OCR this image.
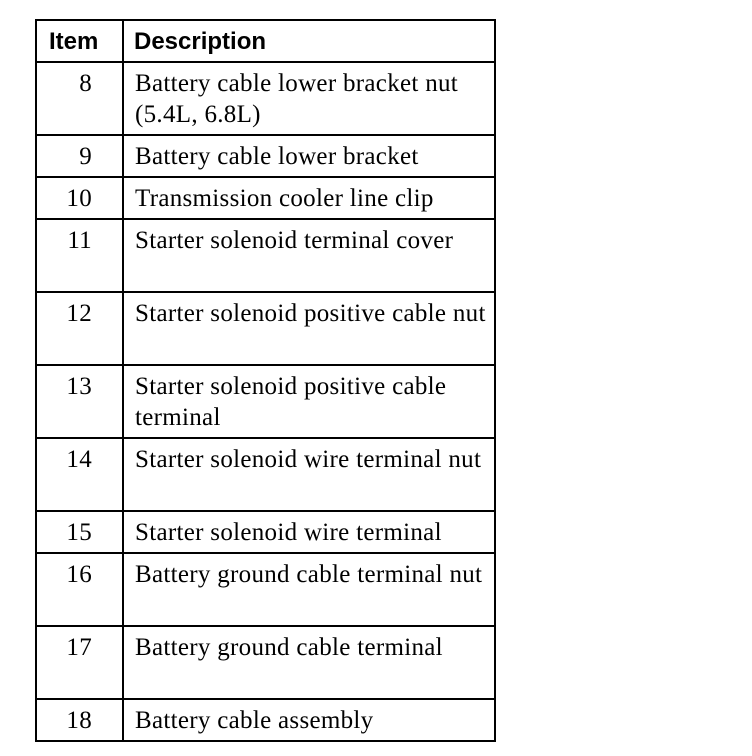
Item	Description
8	Battery cable lower bracket nut (5.4L, 6.8L)
9	Battery cable lower bracket
10	Transmission cooler line clip
11	Starter solenoid terminal cover
12	Starter solenoid positive cable nut
13	Starter solenoid positive cable terminal
14	Starter solenoid wire terminal nut
15	Starter solenoid wire terminal
16	Battery ground cable terminal nut
17	Battery ground cable terminal
18	Battery cable assembly
